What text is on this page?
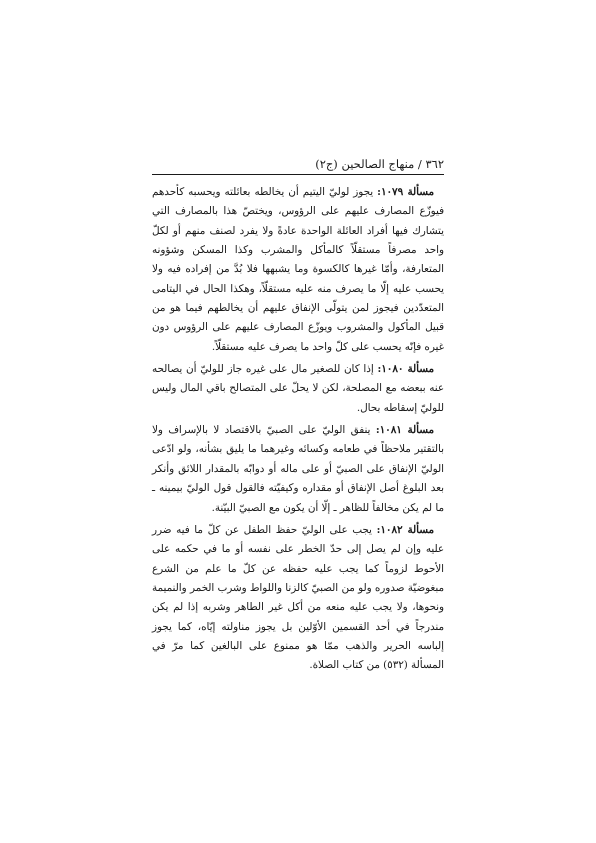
٣٦٢ / منهاج الصالحين (ج٢)

مسألة ١٠٧٩: يجوز لوليّ اليتيم أن يخالطه بعائلته ويحسبه كأحدهم فيوزّع المصارف عليهم على الرؤوس، ويختصّ هذا بالمصارف التي يتشارك فيها أفراد العائلة الواحدة عادةً ولا يفرد لصنف منهم أو لكلّ واحد مصرفاً مستقلّاً كالمأكل والمشرب وكذا المسكن وشؤونه المتعارفة، وأمّا غيرها كالكسوة وما يشبهها فلا بُدَّ من إفراده فيه ولا يحسب عليه إلّا ما يصرف منه عليه مستقلّاً، وهكذا الحال في اليتامى المتعدّدين فيجوز لمن يتولّى الإنفاق عليهم أن يخالطهم فيما هو من قبيل المأكول والمشروب ويوزّع المصارف عليهم على الرؤوس دون غيره فإنّه يحسب على كلّ واحد ما يصرف عليه مستقلّاً.

مسألة ١٠٨٠: إذا كان للصغير مال على غيره جاز للوليّ أن يصالحه عنه ببعضه مع المصلحة، لكن لا يحلّ على المتصالح باقي المال وليس للوليّ إسقاطه بحال.

مسألة ١٠٨١: ينفق الوليّ على الصبيّ بالاقتصاد لا بالإسراف ولا بالتقتير ملاحظاً في طعامه وكسائه وغيرهما ما يليق بشأنه، ولو ادّعى الوليّ الإنفاق على الصبيّ أو على ماله أو دوابّه بالمقدار اللائق وأنكر بعد البلوغ أصل الإنفاق أو مقداره وكيفيّته فالقول قول الوليّ بيمينه ـ ما لم يكن مخالفاً للظاهر ـ إلّا أن يكون مع الصبيّ البيّنة.

مسألة ١٠٨٢: يجب على الوليّ حفظ الطفل عن كلّ ما فيه ضرر عليه وإن لم يصل إلى حدّ الخطر على نفسه أو ما في حكمه على الأحوط لزوماً كما يجب عليه حفظه عن كلّ ما علم من الشرع مبغوضيّة صدوره ولو من الصبيّ كالزنا واللواط وشرب الخمر والنميمة ونحوها، ولا يجب عليه منعه من أكل غير الطاهر وشربه إذا لم يكن مندرجاً في أحد القسمين الأوّلين بل يجوز مناولته إيّاه، كما يجوز إلباسه الحرير والذهب ممّا هو ممنوع على البالغين كما مرّ في المسألة (٥٣٢) من كتاب الصلاة.
